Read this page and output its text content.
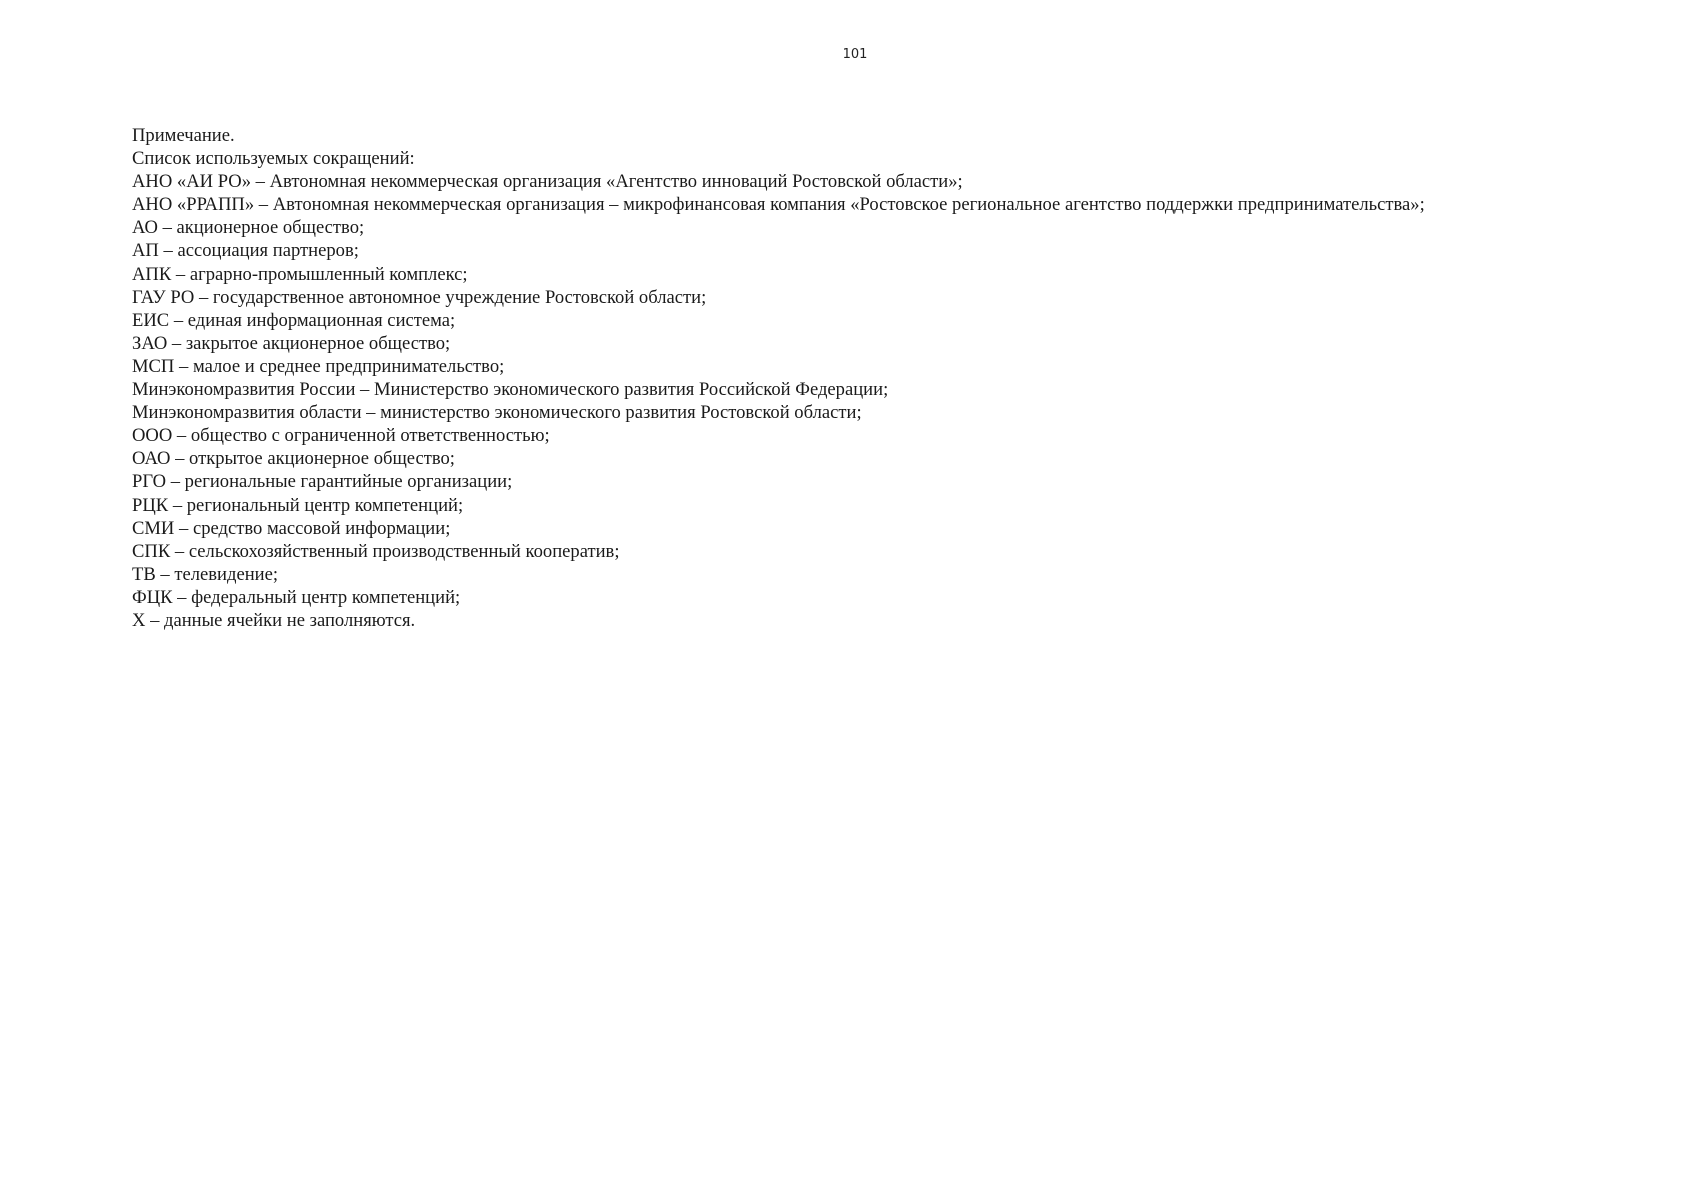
101
Примечание.
Список используемых сокращений:
АНО «АИ РО» – Автономная некоммерческая организация «Агентство инноваций Ростовской области»;
АНО «РРАПП» – Автономная некоммерческая организация – микрофинансовая компания «Ростовское региональное агентство поддержки предпринимательства»;
АО – акционерное общество;
АП – ассоциация партнеров;
АПК – аграрно-промышленный комплекс;
ГАУ РО – государственное автономное учреждение Ростовской области;
ЕИС – единая информационная система;
ЗАО – закрытое акционерное общество;
МСП – малое и среднее предпринимательство;
Минэкономразвития России – Министерство экономического развития Российской Федерации;
Минэкономразвития области – министерство экономического развития Ростовской области;
ООО – общество с ограниченной ответственностью;
ОАО – открытое акционерное общество;
РГО – региональные гарантийные организации;
РЦК – региональный центр компетенций;
СМИ – средство массовой информации;
СПК – сельскохозяйственный производственный кооператив;
ТВ – телевидение;
ФЦК – федеральный центр компетенций;
Х – данные ячейки не заполняются.
